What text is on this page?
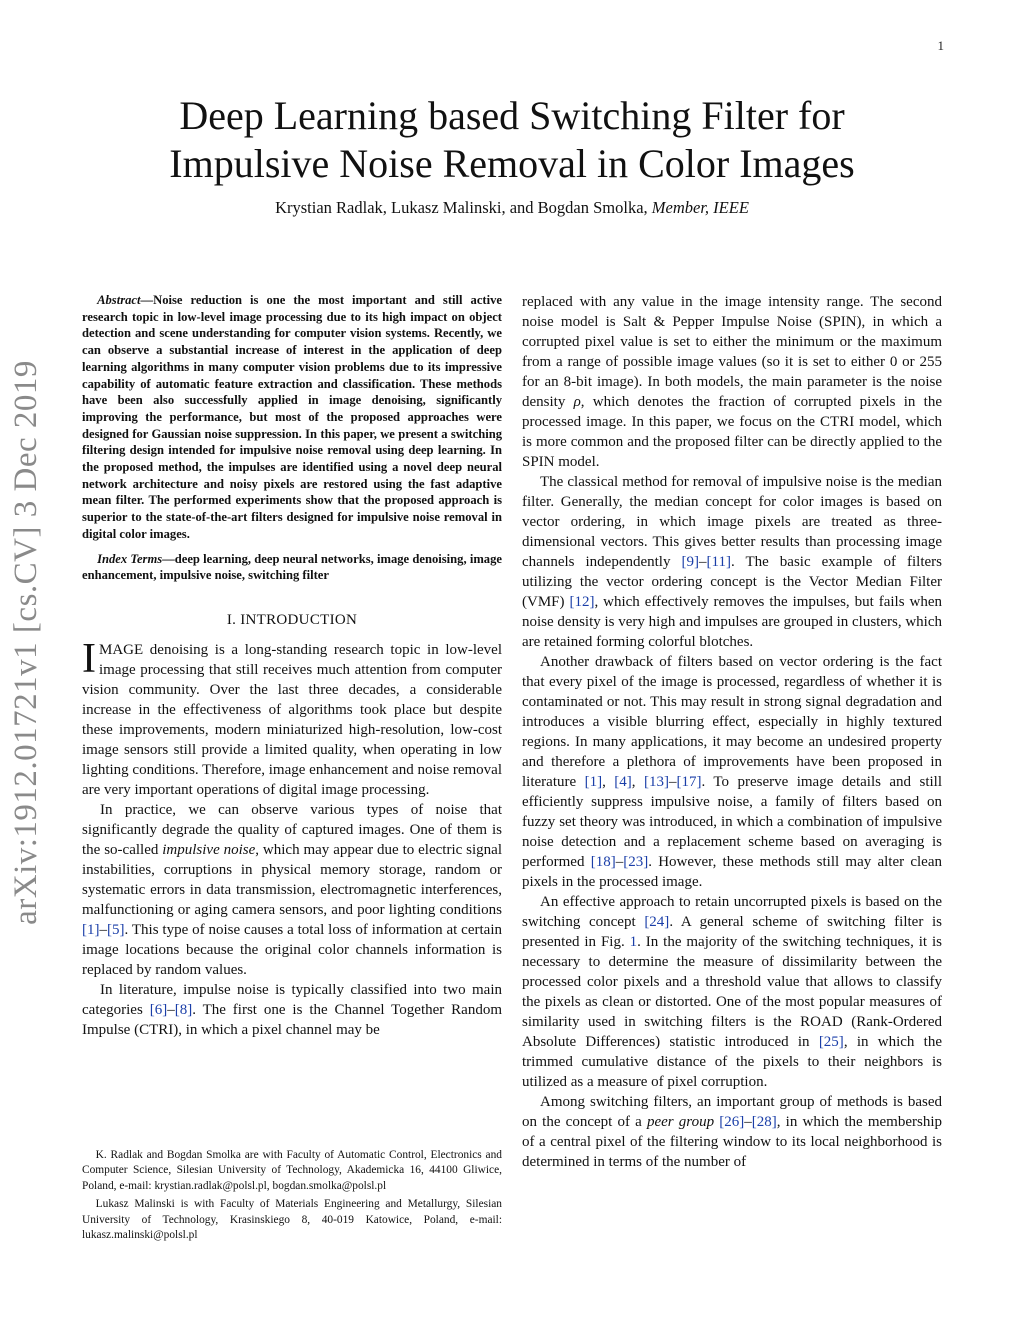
1
arXiv:1912.01721v1 [cs.CV] 3 Dec 2019
Deep Learning based Switching Filter for
Impulsive Noise Removal in Color Images
Krystian Radlak, Lukasz Malinski, and Bogdan Smolka, Member, IEEE

Abstract—Noise reduction is one the most important and still active research topic in low-level image processing due to its high impact on object detection and scene understanding for computer vision systems. Recently, we can observe a substantial increase of interest in the application of deep learning algorithms in many computer vision problems due to its impressive capability of automatic feature extraction and classification. These methods have been also successfully applied in image denoising, significantly improving the performance, but most of the proposed approaches were designed for Gaussian noise suppression. In this paper, we present a switching filtering design intended for impulsive noise removal using deep learning. In the proposed method, the impulses are identified using a novel deep neural network architecture and noisy pixels are restored using the fast adaptive mean filter. The performed experiments show that the proposed approach is superior to the state-of-the-art filters designed for impulsive noise removal in digital color images.

Index Terms—deep learning, deep neural networks, image denoising, image enhancement, impulsive noise, switching filter

I. INTRODUCTION

IMAGE denoising is a long-standing research topic in low-level image processing that still receives much attention from computer vision community. Over the last three decades, a considerable increase in the effectiveness of algorithms took place but despite these improvements, modern miniaturized high-resolution, low-cost image sensors still provide a limited quality, when operating in low lighting conditions. Therefore, image enhancement and noise removal are very important operations of digital image processing.

In practice, we can observe various types of noise that significantly degrade the quality of captured images. One of them is the so-called impulsive noise, which may appear due to electric signal instabilities, corruptions in physical memory storage, random or systematic errors in data transmission, electromagnetic interferences, malfunctioning or aging camera sensors, and poor lighting conditions [1]–[5]. This type of noise causes a total loss of information at certain image locations because the original color channels information is replaced by random values.

In literature, impulse noise is typically classified into two main categories [6]–[8]. The first one is the Channel Together Random Impulse (CTRI), in which a pixel channel may be

K. Radlak and Bogdan Smolka are with Faculty of Automatic Control, Electronics and Computer Science, Silesian University of Technology, Akademicka 16, 44100 Gliwice, Poland, e-mail: krystian.radlak@polsl.pl, bogdan.smolka@polsl.pl

Lukasz Malinski is with Faculty of Materials Engineering and Metallurgy, Silesian University of Technology, Krasinskiego 8, 40-019 Katowice, Poland, e-mail: lukasz.malinski@polsl.pl

replaced with any value in the image intensity range. The second noise model is Salt & Pepper Impulse Noise (SPIN), in which a corrupted pixel value is set to either the minimum or the maximum from a range of possible image values (so it is set to either 0 or 255 for an 8-bit image). In both models, the main parameter is the noise density ρ, which denotes the fraction of corrupted pixels in the processed image. In this paper, we focus on the CTRI model, which is more common and the proposed filter can be directly applied to the SPIN model.

The classical method for removal of impulsive noise is the median filter. Generally, the median concept for color images is based on vector ordering, in which image pixels are treated as three-dimensional vectors. This gives better results than processing image channels independently [9]–[11]. The basic example of filters utilizing the vector ordering concept is the Vector Median Filter (VMF) [12], which effectively removes the impulses, but fails when noise density is very high and impulses are grouped in clusters, which are retained forming colorful blotches.

Another drawback of filters based on vector ordering is the fact that every pixel of the image is processed, regardless of whether it is contaminated or not. This may result in strong signal degradation and introduces a visible blurring effect, especially in highly textured regions. In many applications, it may become an undesired property and therefore a plethora of improvements have been proposed in literature [1], [4], [13]–[17]. To preserve image details and still efficiently suppress impulsive noise, a family of filters based on fuzzy set theory was introduced, in which a combination of impulsive noise detection and a replacement scheme based on averaging is performed [18]–[23]. However, these methods still may alter clean pixels in the processed image.

An effective approach to retain uncorrupted pixels is based on the switching concept [24]. A general scheme of switching filter is presented in Fig. 1. In the majority of the switching techniques, it is necessary to determine the measure of dissimilarity between the processed color pixels and a threshold value that allows to classify the pixels as clean or distorted. One of the most popular measures of similarity used in switching filters is the ROAD (Rank-Ordered Absolute Differences) statistic introduced in [25], in which the trimmed cumulative distance of the pixels to their neighbors is utilized as a measure of pixel corruption.

Among switching filters, an important group of methods is based on the concept of a peer group [26]–[28], in which the membership of a central pixel of the filtering window to its local neighborhood is determined in terms of the number of
